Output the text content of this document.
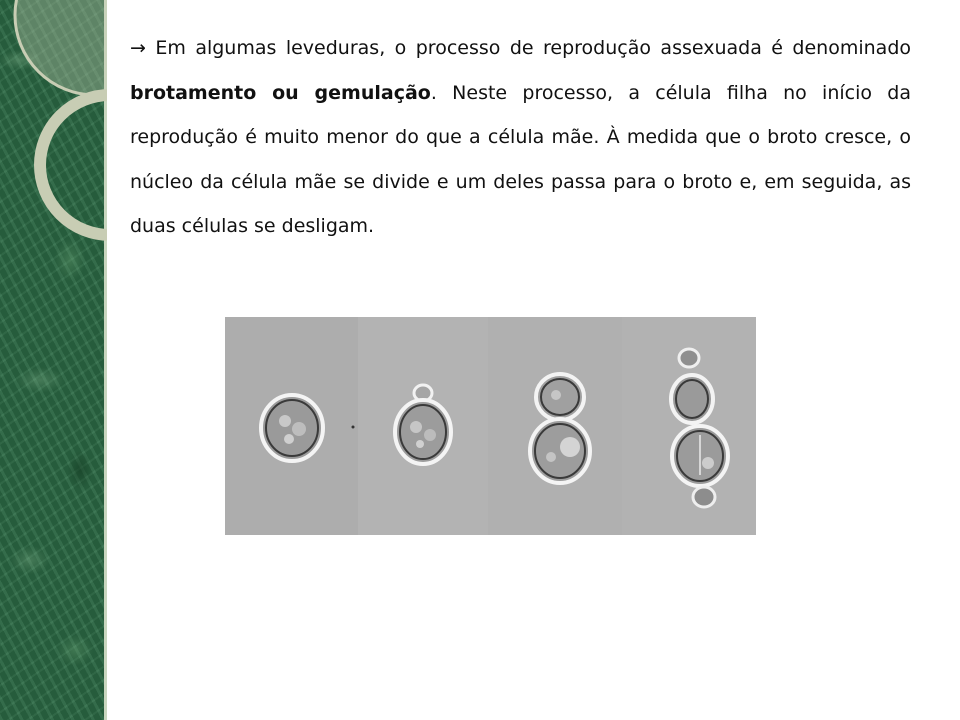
→ Em algumas leveduras, o processo de reprodução assexuada é denominado brotamento ou gemulação. Neste processo, a célula filha no início da reprodução é muito menor do que a célula mãe. À medida que o broto cresce, o núcleo da célula mãe se divide e um deles passa para o broto e, em seguida, as duas células se desligam.
